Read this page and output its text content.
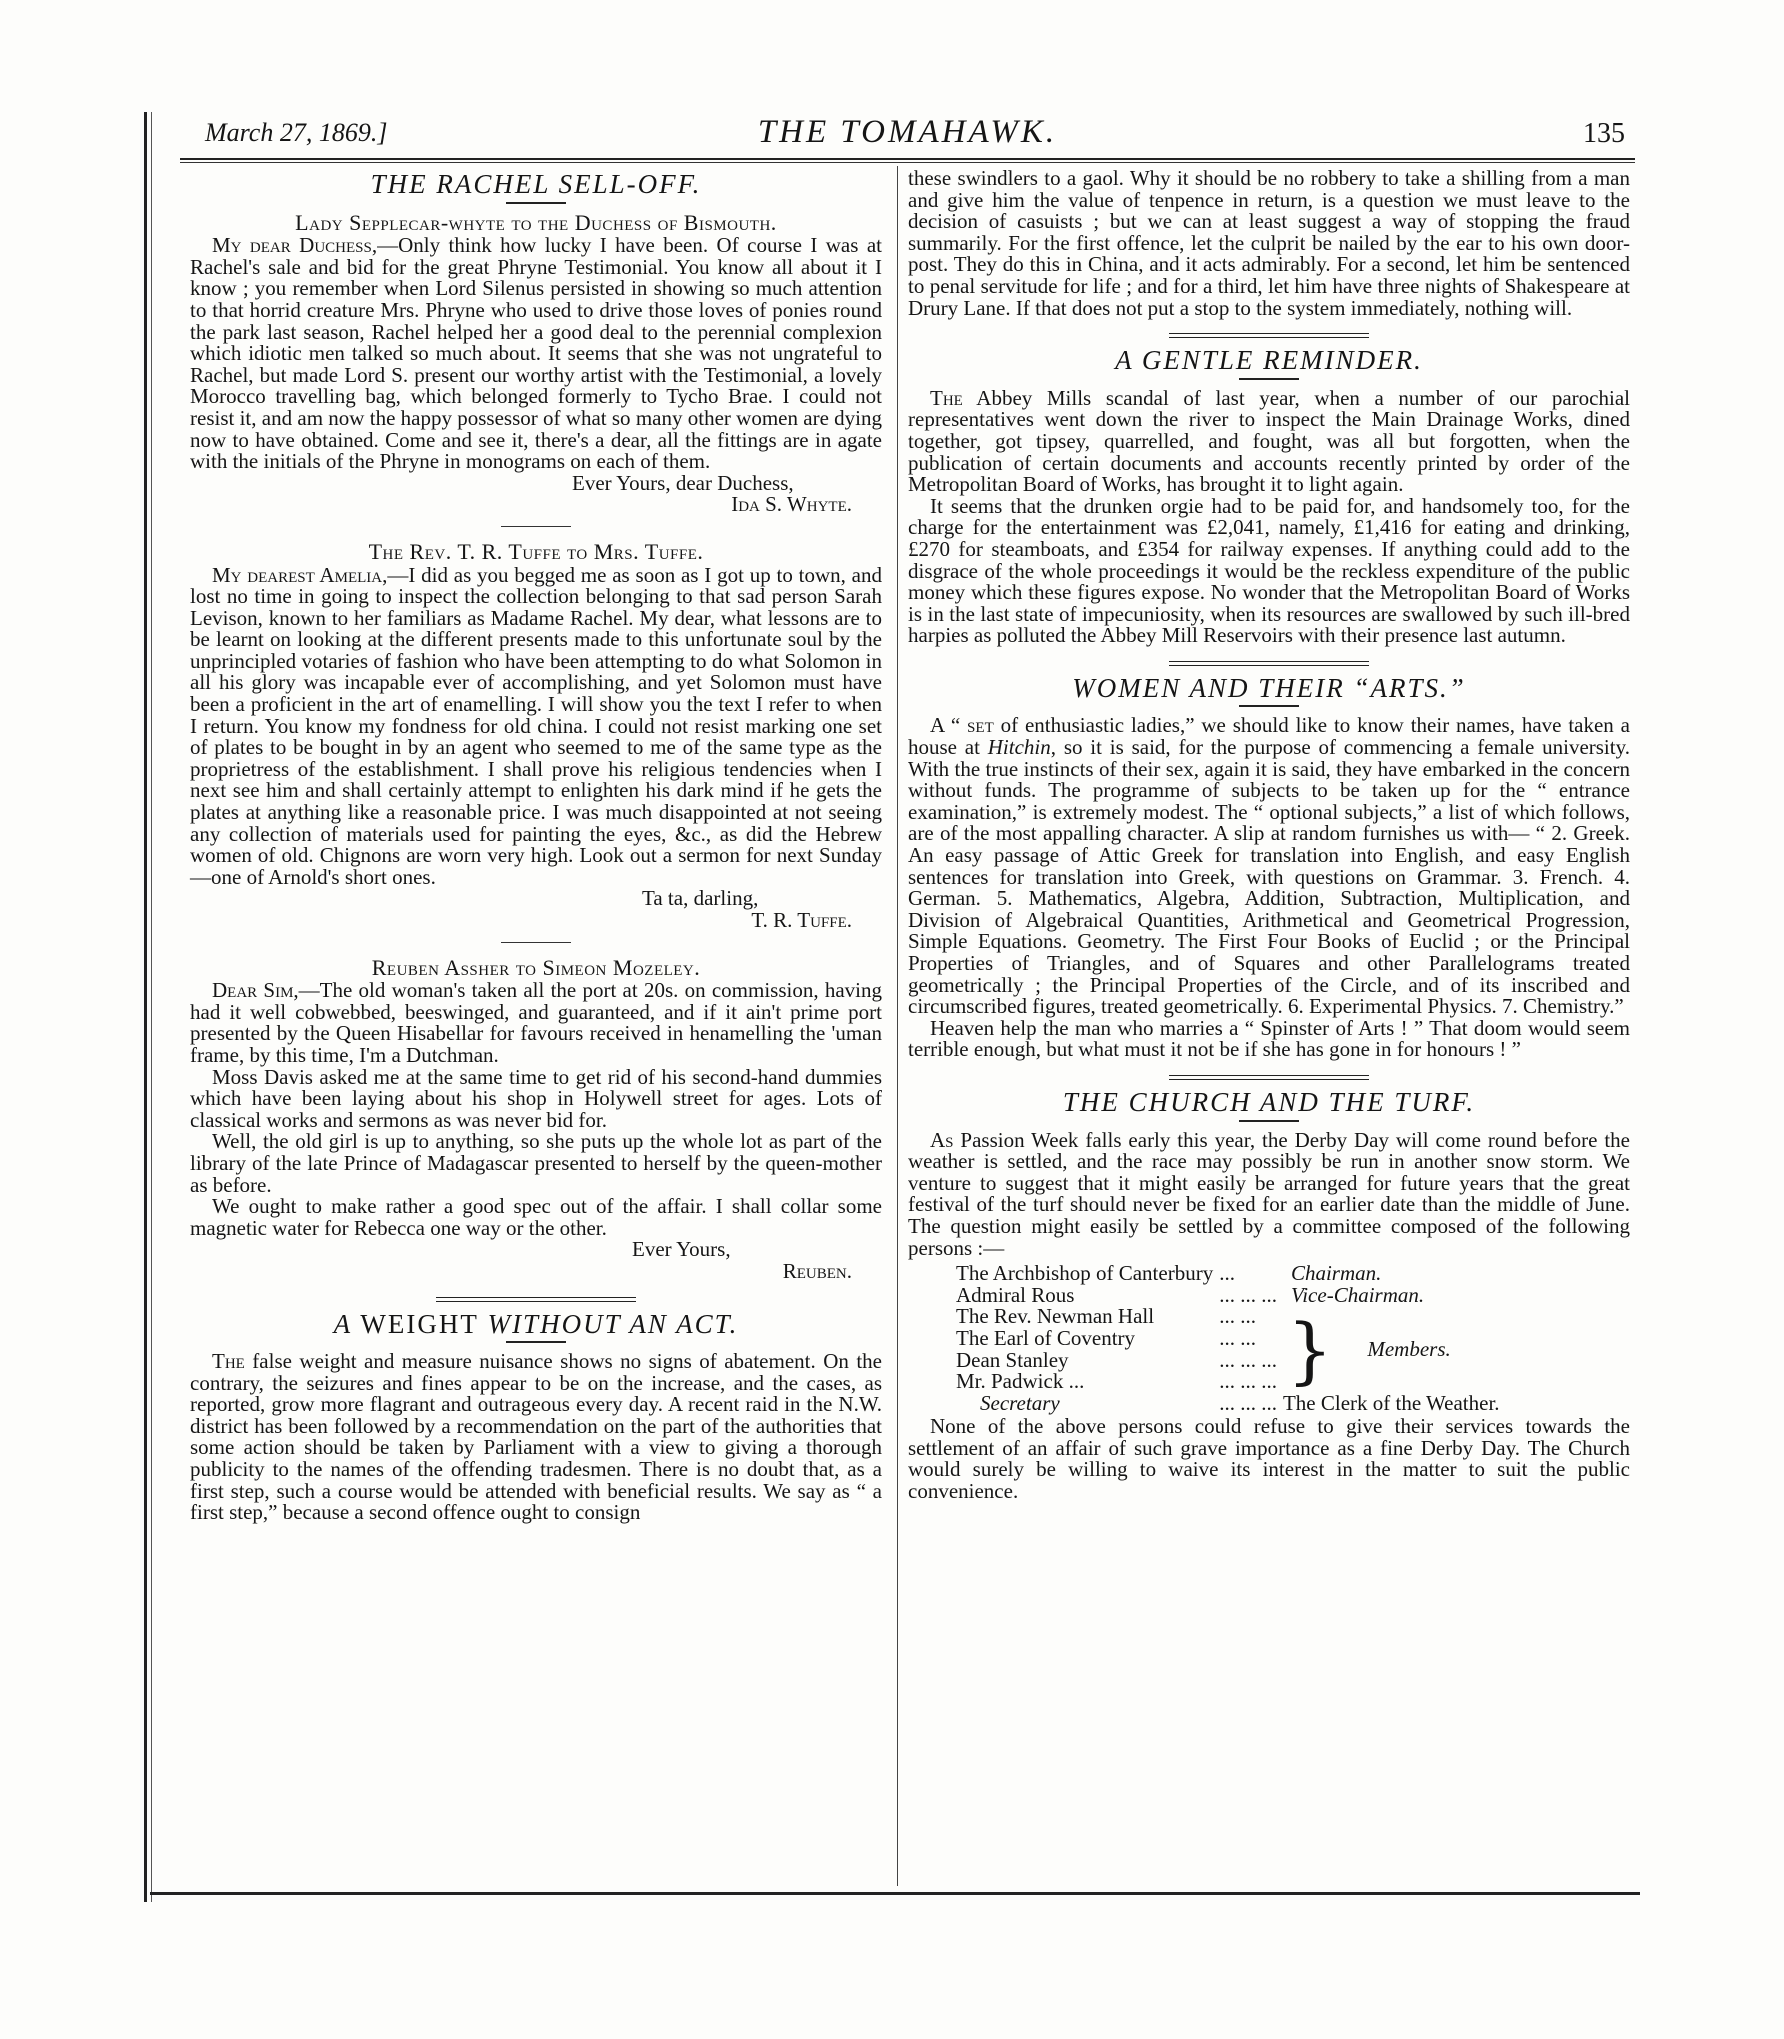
March 27, 1869.]	THE TOMAHAWK.	135
THE RACHEL SELL-OFF.
Lady Sepplecar-whyte to the Duchess of Bismouth.

My dear Duchess,—Only think how lucky I have been. Of course I was at Rachel's sale and bid for the great Phryne Testimonial. You know all about it I know ; you remember when Lord Silenus persisted in showing so much attention to that horrid creature Mrs. Phryne who used to drive those loves of ponies round the park last season, Rachel helped her a good deal to the perennial complexion which idiotic men talked so much about. It seems that she was not ungrateful to Rachel, but made Lord S. present our worthy artist with the Testimonial, a lovely Morocco travelling bag, which belonged formerly to Tycho Brae. I could not resist it, and am now the happy possessor of what so many other women are dying now to have obtained. Come and see it, there's a dear, all the fittings are in agate with the initials of the Phryne in monograms on each of them.

Ever Yours, dear Duchess,

Ida S. Whyte.

The Rev. T. R. Tuffe to Mrs. Tuffe.

My dearest Amelia,—I did as you begged me as soon as I got up to town, and lost no time in going to inspect the collection belonging to that sad person Sarah Levison, known to her familiars as Madame Rachel. My dear, what lessons are to be learnt on looking at the different presents made to this unfortunate soul by the unprincipled votaries of fashion who have been attempting to do what Solomon in all his glory was incapable ever of accomplishing, and yet Solomon must have been a proficient in the art of enamelling. I will show you the text I refer to when I return. You know my fondness for old china. I could not resist marking one set of plates to be bought in by an agent who seemed to me of the same type as the proprietress of the establishment. I shall prove his religious tendencies when I next see him and shall certainly attempt to enlighten his dark mind if he gets the plates at anything like a reasonable price. I was much disappointed at not seeing any collection of materials used for painting the eyes, &c., as did the Hebrew women of old. Chignons are worn very high. Look out a sermon for next Sunday—one of Arnold's short ones.

Ta ta, darling,

T. R. Tuffe.

Reuben Assher to Simeon Mozeley.

Dear Sim,—The old woman's taken all the port at 20s. on commission, having had it well cobwebbed, beeswinged, and guaranteed, and if it ain't prime port presented by the Queen Hisabellar for favours received in henamelling the 'uman frame, by this time, I'm a Dutchman.

Moss Davis asked me at the same time to get rid of his second-hand dummies which have been laying about his shop in Holywell street for ages. Lots of classical works and sermons as was never bid for.

Well, the old girl is up to anything, so she puts up the whole lot as part of the library of the late Prince of Madagascar presented to herself by the queen-mother as before.

We ought to make rather a good spec out of the affair. I shall collar some magnetic water for Rebecca one way or the other.

Ever Yours,

Reuben.

A WEIGHT WITHOUT AN ACT.

The false weight and measure nuisance shows no signs of abatement. On the contrary, the seizures and fines appear to be on the increase, and the cases, as reported, grow more flagrant and outrageous every day. A recent raid in the N.W. district has been followed by a recommendation on the part of the authorities that some action should be taken by Parliament with a view to giving a thorough publicity to the names of the offending tradesmen. There is no doubt that, as a first step, such a course would be attended with beneficial results. We say as “ a first step,” because a second offence ought to consign

these swindlers to a gaol. Why it should be no robbery to take a shilling from a man and give him the value of tenpence in return, is a question we must leave to the decision of casuists ; but we can at least suggest a way of stopping the fraud summarily. For the first offence, let the culprit be nailed by the ear to his own door-post. They do this in China, and it acts admirably. For a second, let him be sentenced to penal servitude for life ; and for a third, let him have three nights of Shakespeare at Drury Lane. If that does not put a stop to the system immediately, nothing will.

A GENTLE REMINDER.

The Abbey Mills scandal of last year, when a number of our parochial representatives went down the river to inspect the Main Drainage Works, dined together, got tipsey, quarrelled, and fought, was all but forgotten, when the publication of certain documents and accounts recently printed by order of the Metropolitan Board of Works, has brought it to light again.

It seems that the drunken orgie had to be paid for, and handsomely too, for the charge for the entertainment was £2,041, namely, £1,416 for eating and drinking, £270 for steamboats, and £354 for railway expenses. If anything could add to the disgrace of the whole proceedings it would be the reckless expenditure of the public money which these figures expose. No wonder that the Metropolitan Board of Works is in the last state of impecuniosity, when its resources are swallowed by such ill-bred harpies as polluted the Abbey Mill Reservoirs with their presence last autumn.

WOMEN AND THEIR “ARTS.”

A “ set of enthusiastic ladies,” we should like to know their names, have taken a house at Hitchin, so it is said, for the purpose of commencing a female university. With the true instincts of their sex, again it is said, they have embarked in the concern without funds. The programme of subjects to be taken up for the “ entrance examination,” is extremely modest. The “ optional subjects,” a list of which follows, are of the most appalling character. A slip at random furnishes us with— “ 2. Greek. An easy passage of Attic Greek for translation into English, and easy English sentences for translation into Greek, with questions on Grammar. 3. French. 4. German. 5. Mathematics, Algebra, Addition, Subtraction, Multiplication, and Division of Algebraical Quantities, Arithmetical and Geometrical Progression, Simple Equations. Geometry. The First Four Books of Euclid ; or the Principal Properties of Triangles, and of Squares and other Parallelograms treated geometrically ; the Principal Properties of the Circle, and of its inscribed and circumscribed figures, treated geometrically. 6. Experimental Physics. 7. Chemistry.”

Heaven help the man who marries a “ Spinster of Arts ! ” That doom would seem terrible enough, but what must it not be if she has gone in for honours ! ”

THE CHURCH AND THE TURF.

As Passion Week falls early this year, the Derby Day will come round before the weather is settled, and the race may possibly be run in another snow storm. We venture to suggest that it might easily be arranged for future years that the great festival of the turf should never be fixed for an earlier date than the middle of June. The question might easily be settled by a committee composed of the following persons :—

The Archbishop of Canterbury	...	Chairman.	
Admiral Rous	... ... ...	Vice-Chairman.	
The Rev. Newman Hall	... ...	}	Members.
The Earl of Coventry	... ...		
Dean Stanley	... ... ...		
Mr. Padwick ...	... ... ...		
Secretary	... ... ...	The Clerk of the Weather.	

None of the above persons could refuse to give their services towards the settlement of an affair of such grave importance as a fine Derby Day. The Church would surely be willing to waive its interest in the matter to suit the public convenience.
